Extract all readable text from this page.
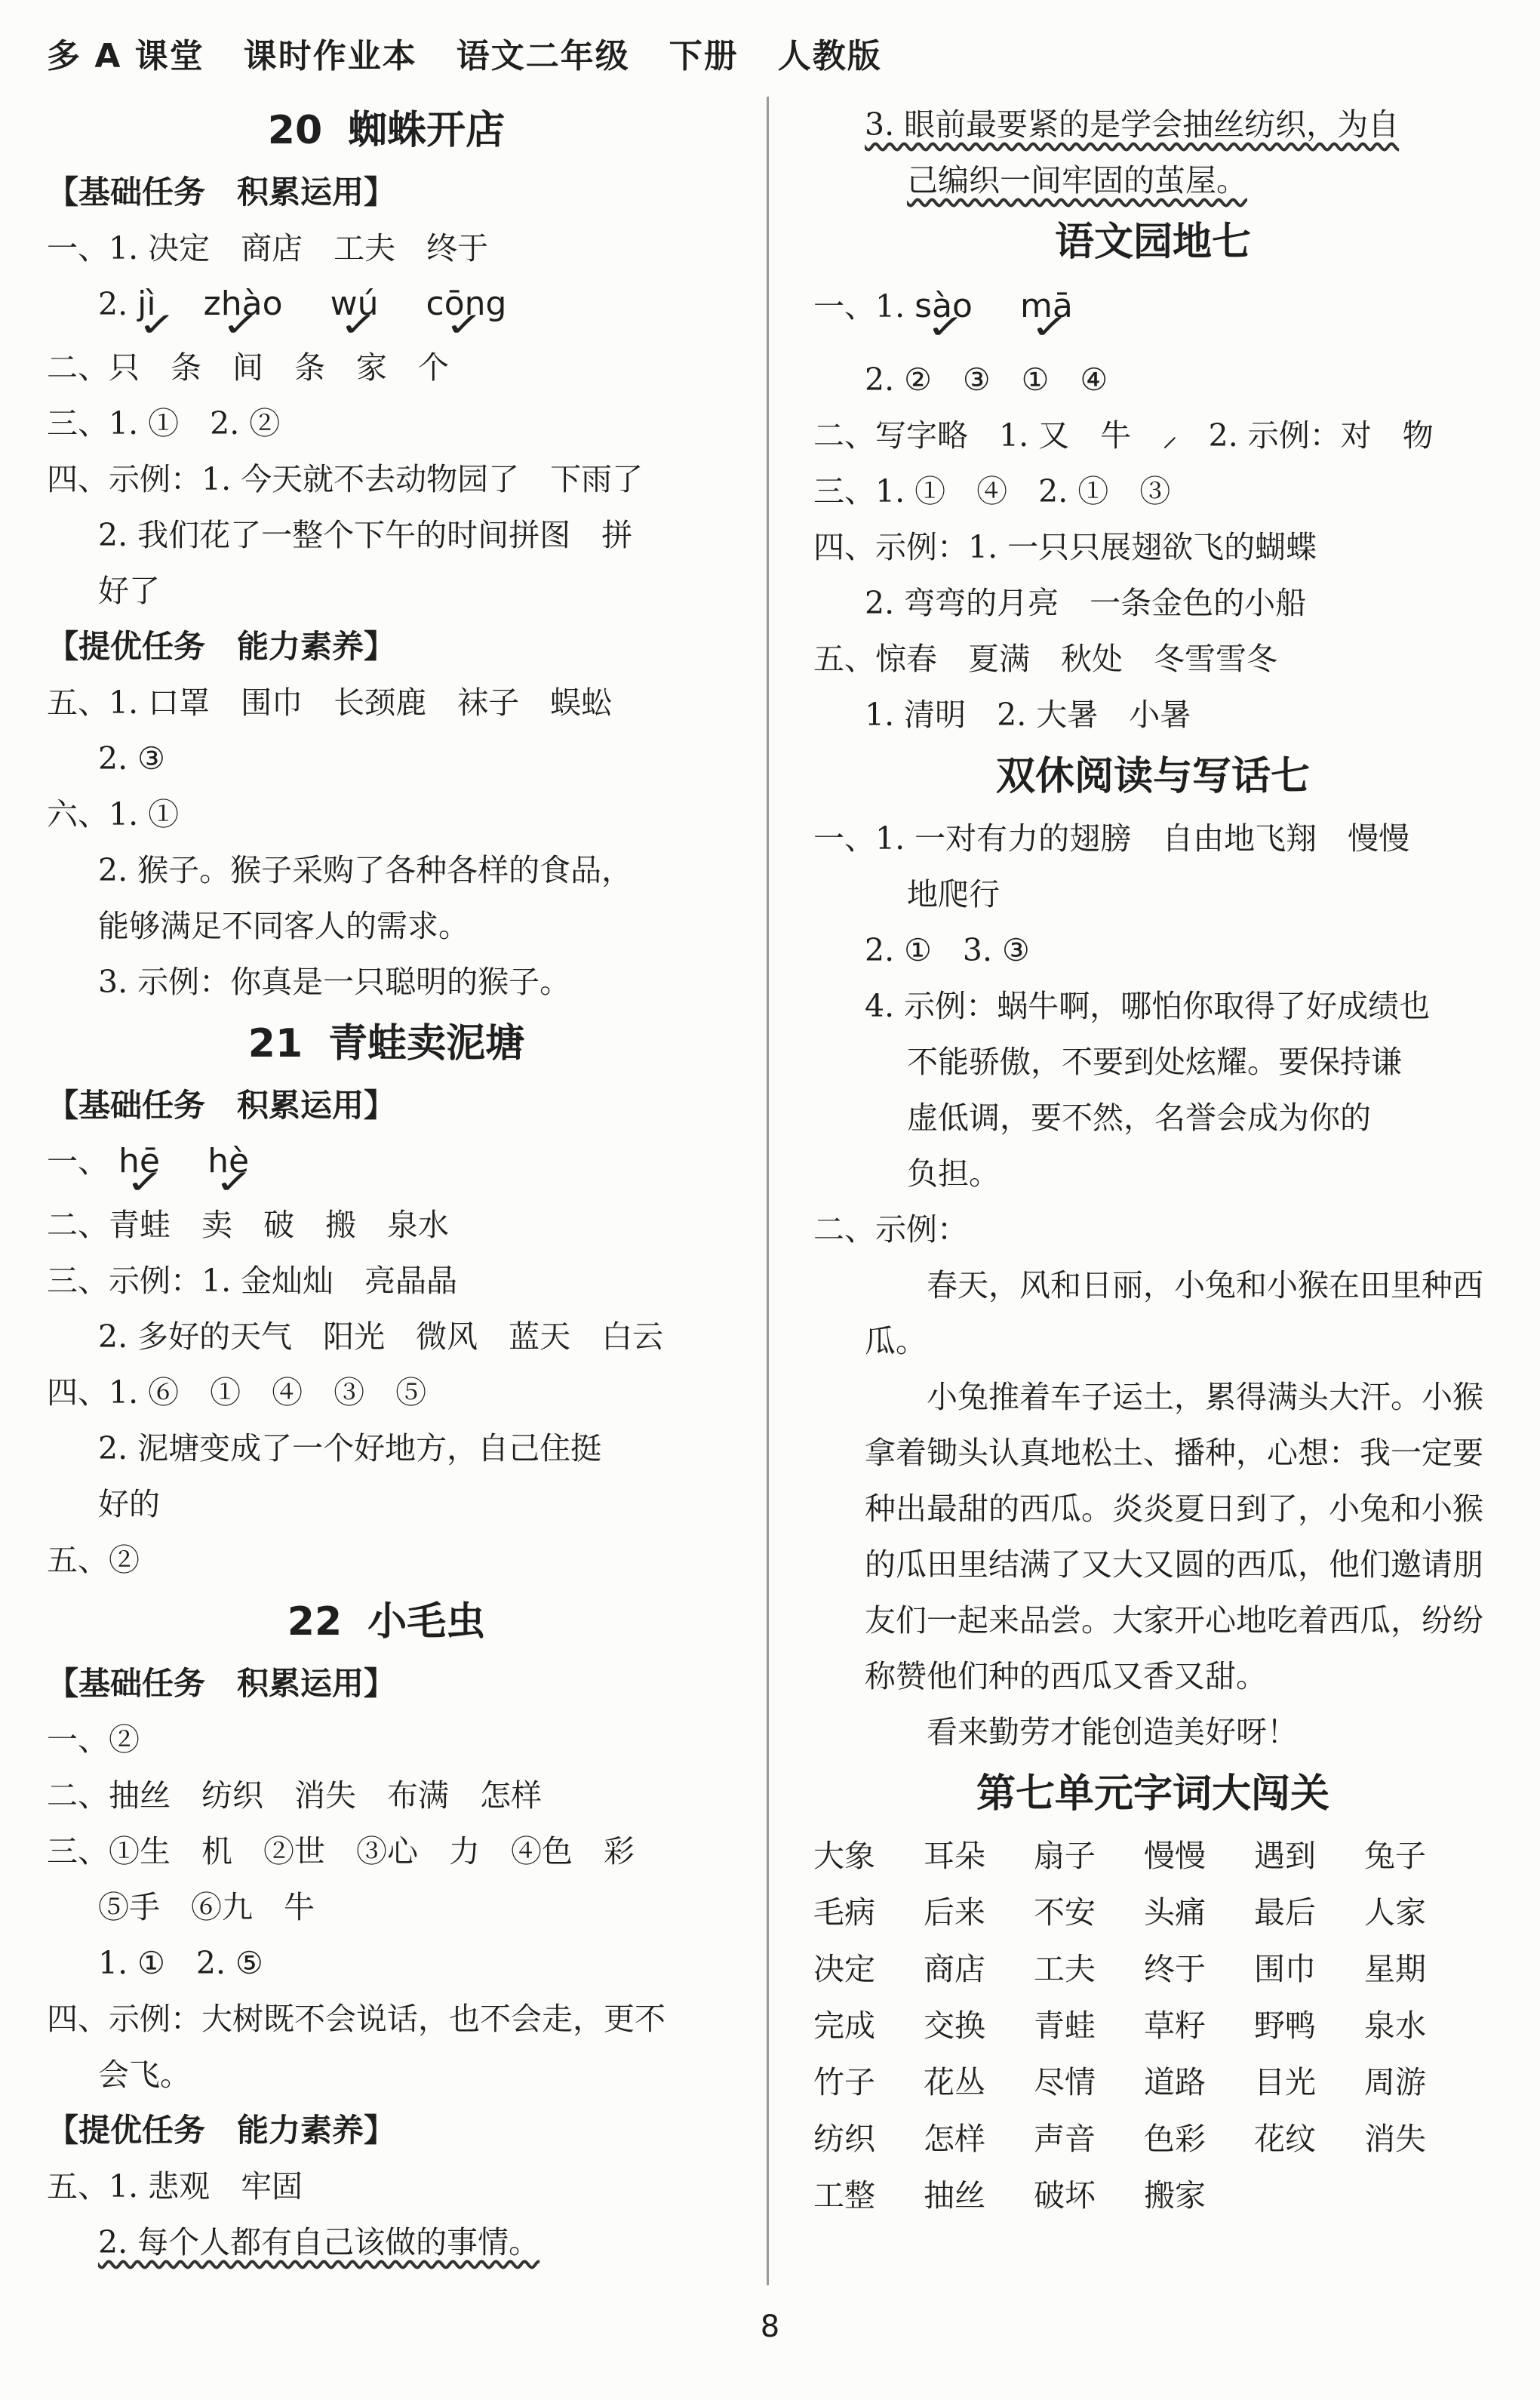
多 A 课堂 课时作业本 语文二年级 下册 人教版
20 蜘蛛开店
【基础任务　积累运用】
一、1. 决定　商店　工夫　终于
2. jì ✓ zhào ✓ wú ✓ cōng ✓
二、只　条　间　条　家　个
三、1. ①　2. ②
四、示例：1. 今天就不去动物园了　下雨了
2. 我们花了一整个下午的时间拼图　拼
好了
【提优任务　能力素养】
五、1. 口罩　围巾　长颈鹿　袜子　蜈蚣
2. ③
六、1. ①
2. 猴子。猴子采购了各种各样的食品，
能够满足不同客人的需求。
3. 示例：你真是一只聪明的猴子。
21 青蛙卖泥塘
【基础任务　积累运用】
一、 hē ✓ hè ✓
二、青蛙　卖　破　搬　泉水
三、示例：1. 金灿灿　亮晶晶
2. 多好的天气　阳光　微风　蓝天　白云
四、1. ⑥　①　④　③　⑤
2. 泥塘变成了一个好地方，自己住挺
好的
五、②
22 小毛虫
【基础任务　积累运用】
一、②
二、抽丝　纺织　消失　布满　怎样
三、①生　机　②世　③心　力　④色　彩
⑤手　⑥九　牛
1. ①　2. ⑤
四、示例：大树既不会说话，也不会走，更不
会飞。
【提优任务　能力素养】
五、1. 悲观　牢固
2. 每个人都有自己该做的事情。
3. 眼前最要紧的是学会抽丝纺织，为自
己编织一间牢固的茧屋。
语文园地七
一、1. sào ✓ mā ✓
2. ②　③　①　④
二、写字略　1. 又　牛　⸝　2. 示例：对　物
三、1. ①　④　2. ①　③
四、示例：1. 一只只展翅欲飞的蝴蝶
2. 弯弯的月亮　一条金色的小船
五、惊春　夏满　秋处　冬雪雪冬
1. 清明　2. 大暑　小暑
双休阅读与写话七
一、1. 一对有力的翅膀　自由地飞翔　慢慢
地爬行
2. ①　3. ③
4. 示例：蜗牛啊，哪怕你取得了好成绩也
不能骄傲，不要到处炫耀。要保持谦
虚低调，要不然，名誉会成为你的
负担。
二、示例：
春天，风和日丽，小兔和小猴在田里种西瓜。
小兔推着车子运土，累得满头大汗。小猴拿着锄头认真地松土、播种，心想：我一定要种出最甜的西瓜。炎炎夏日到了，小兔和小猴的瓜田里结满了又大又圆的西瓜，他们邀请朋友们一起来品尝。大家开心地吃着西瓜，纷纷称赞他们种的西瓜又香又甜。
看来勤劳才能创造美好呀！
第七单元字词大闯关
大象	耳朵	扇子	慢慢	遇到	兔子
毛病	后来	不安	头痛	最后	人家
决定	商店	工夫	终于	围巾	星期
完成	交换	青蛙	草籽	野鸭	泉水
竹子	花丛	尽情	道路	目光	周游
纺织	怎样	声音	色彩	花纹	消失
工整	抽丝	破坏	搬家
8
